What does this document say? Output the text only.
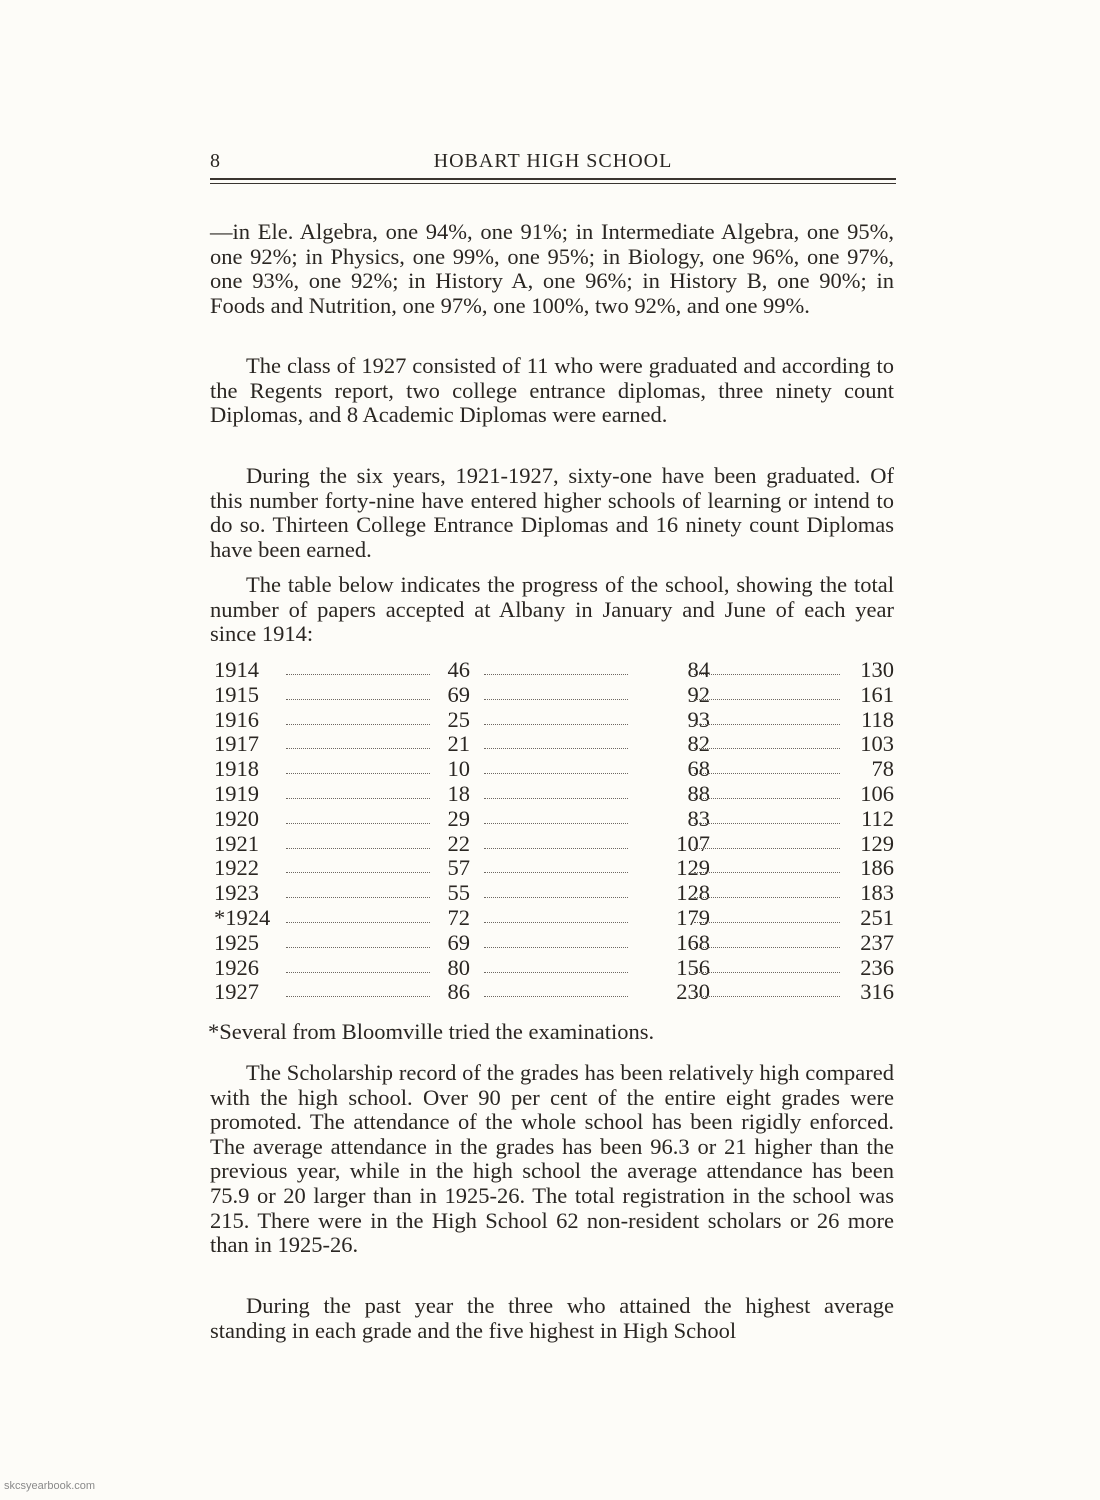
8	HOBART HIGH SCHOOL

—in Ele. Algebra, one 94%, one 91%; in Intermediate Algebra, one 95%, one 92%; in Physics, one 99%, one 95%; in Biology, one 96%, one 97%, one 93%, one 92%; in History A, one 96%; in History B, one 90%; in Foods and Nutrition, one 97%, one 100%, two 92%, and one 99%.

The class of 1927 consisted of 11 who were graduated and according to the Regents report, two college entrance diplomas, three ninety count Diplomas, and 8 Academic Diplomas were earned.

During the six years, 1921-1927, sixty-one have been graduated. Of this number forty-nine have entered higher schools of learning or intend to do so. Thirteen College Entrance Diplomas and 16 ninety count Diplomas have been earned.

The table below indicates the progress of the school, showing the total number of papers accepted at Albany in January and June of each year since 1914:

1914	46	84	130
1915	69	92	161
1916	25	93	118
1917	21	82	103
1918	10	68	78
1919	18	88	106
1920	29	83	112
1921	22	107	129
1922	57	129	186
1923	55	128	183
*1924	72	179	251
1925	69	168	237
1926	80	156	236
1927	86	230	316

*Several from Bloomville tried the examinations.

The Scholarship record of the grades has been relatively high compared with the high school. Over 90 per cent of the entire eight grades were promoted. The attendance of the whole school has been rigidly enforced. The average attendance in the grades has been 96.3 or 21 higher than the previous year, while in the high school the average attendance has been 75.9 or 20 larger than in 1925-26. The total registration in the school was 215. There were in the High School 62 non-resident scholars or 26 more than in 1925-26.

During the past year the three who attained the highest average standing in each grade and the five highest in High School

skcsyearbook.com
